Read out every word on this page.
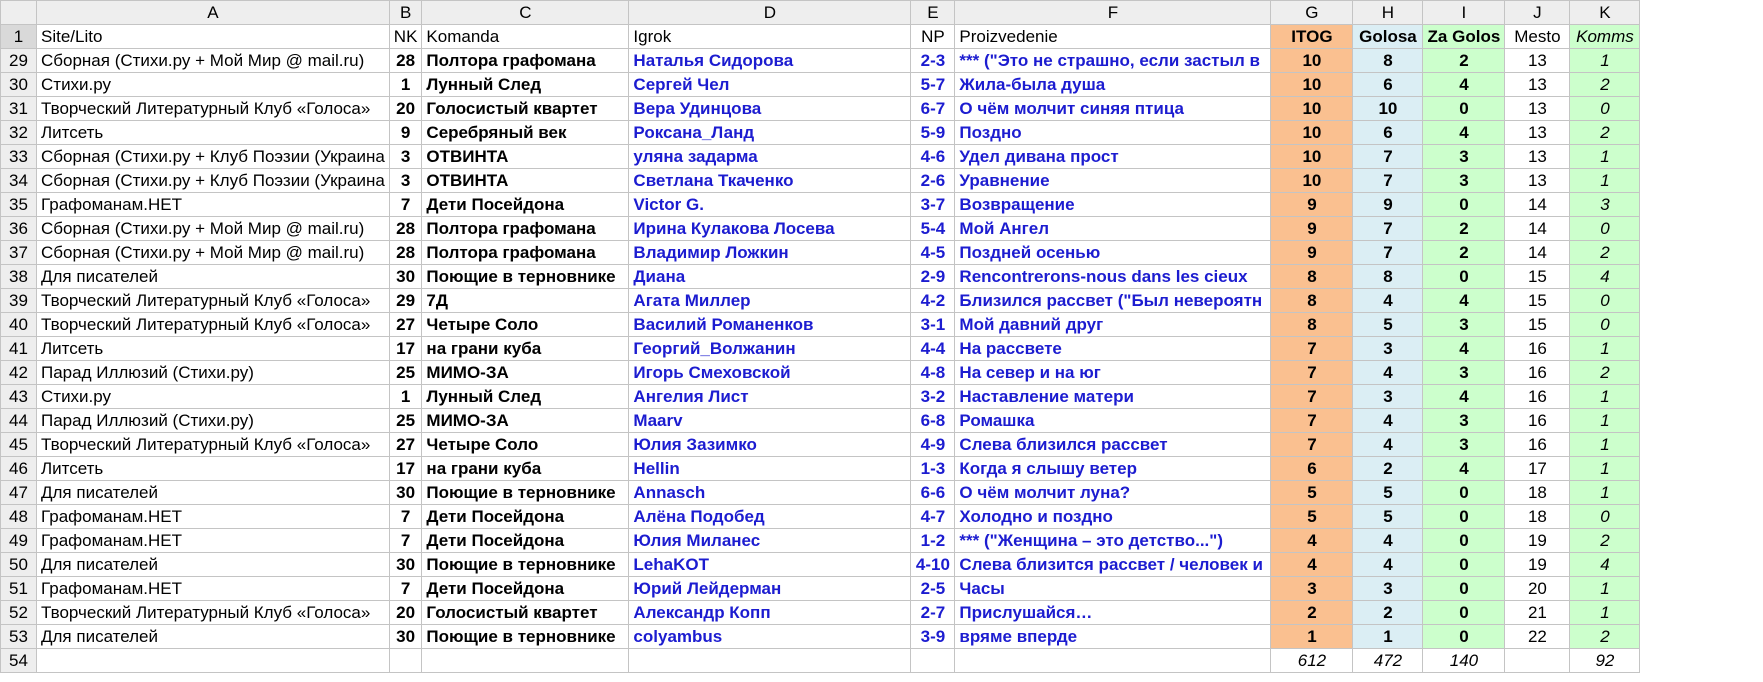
	A	B	C	D	E	F	G	H	I	J	K
1	Site/Lito	NK	Komanda	Igrok	NP	Proizvedenie	ITOG	Golosa	Za Golos	Mesto	Komms
29	Сборная (Стихи.ру + Мой Мир @ mail.ru)	28	Полтора графомана	Наталья Сидорова	2-3	*** ("Это не страшно, если застыл в	10	8	2	13	1
30	Стихи.ру	1	Лунный След	Сергей Чел	5-7	Жила-была душа	10	6	4	13	2
31	Творческий Литературный Клуб «Голоса»	20	Голосистый квартет	Вера Удинцова	6-7	О чём молчит синяя птица	10	10	0	13	0
32	Литсеть	9	Серебряный век	Роксана_Ланд	5-9	Поздно	10	6	4	13	2
33	Сборная (Стихи.ру + Клуб Поэзии (Украина	3	ОТВИНТА	уляна задарма	4-6	Удел дивана прост	10	7	3	13	1
34	Сборная (Стихи.ру + Клуб Поэзии (Украина	3	ОТВИНТА	Светлана Ткаченко	2-6	Уравнение	10	7	3	13	1
35	Графоманам.НЕТ	7	Дети Посейдона	Victor G.	3-7	Возвращение	9	9	0	14	3
36	Сборная (Стихи.ру + Мой Мир @ mail.ru)	28	Полтора графомана	Ирина Кулакова Лосева	5-4	Мой Ангел	9	7	2	14	0
37	Сборная (Стихи.ру + Мой Мир @ mail.ru)	28	Полтора графомана	Владимир Ложкин	4-5	Поздней осенью	9	7	2	14	2
38	Для писателей	30	Поющие в терновнике	Диана	2-9	Rencontrerons-nous dans les cieux	8	8	0	15	4
39	Творческий Литературный Клуб «Голоса»	29	7Д	Агата Миллер	4-2	Близился рассвет ("Был невероятн	8	4	4	15	0
40	Творческий Литературный Клуб «Голоса»	27	Четыре Соло	Василий Романенков	3-1	Мой давний друг	8	5	3	15	0
41	Литсеть	17	на грани куба	Георгий_Волжанин	4-4	На рассвете	7	3	4	16	1
42	Парад Иллюзий (Стихи.ру)	25	МИМО-ЗА	Игорь Смеховской	4-8	На север и на юг	7	4	3	16	2
43	Стихи.ру	1	Лунный След	Ангелия Лист	3-2	Наставление матери	7	3	4	16	1
44	Парад Иллюзий (Стихи.ру)	25	МИМО-ЗА	Maarv	6-8	Ромашка	7	4	3	16	1
45	Творческий Литературный Клуб «Голоса»	27	Четыре Соло	Юлия Зазимко	4-9	Слева близился рассвет	7	4	3	16	1
46	Литсеть	17	на грани куба	Hellin	1-3	Когда я слышу ветер	6	2	4	17	1
47	Для писателей	30	Поющие в терновнике	Annasch	6-6	О чём молчит луна?	5	5	0	18	1
48	Графоманам.НЕТ	7	Дети Посейдона	Алёна Подобед	4-7	Холодно и поздно	5	5	0	18	0
49	Графоманам.НЕТ	7	Дети Посейдона	Юлия Миланес	1-2	*** ("Женщина – это детство...")	4	4	0	19	2
50	Для писателей	30	Поющие в терновнике	LehaKOT	4-10	Слева близится рассвет / человек и	4	4	0	19	4
51	Графоманам.НЕТ	7	Дети Посейдона	Юрий Лейдерман	2-5	Часы	3	3	0	20	1
52	Творческий Литературный Клуб «Голоса»	20	Голосистый квартет	Александр Копп	2-7	Прислушайся…	2	2	0	21	1
53	Для писателей	30	Поющие в терновнике	colyambus	3-9	вряме вперде	1	1	0	22	2
54							612	472	140		92
